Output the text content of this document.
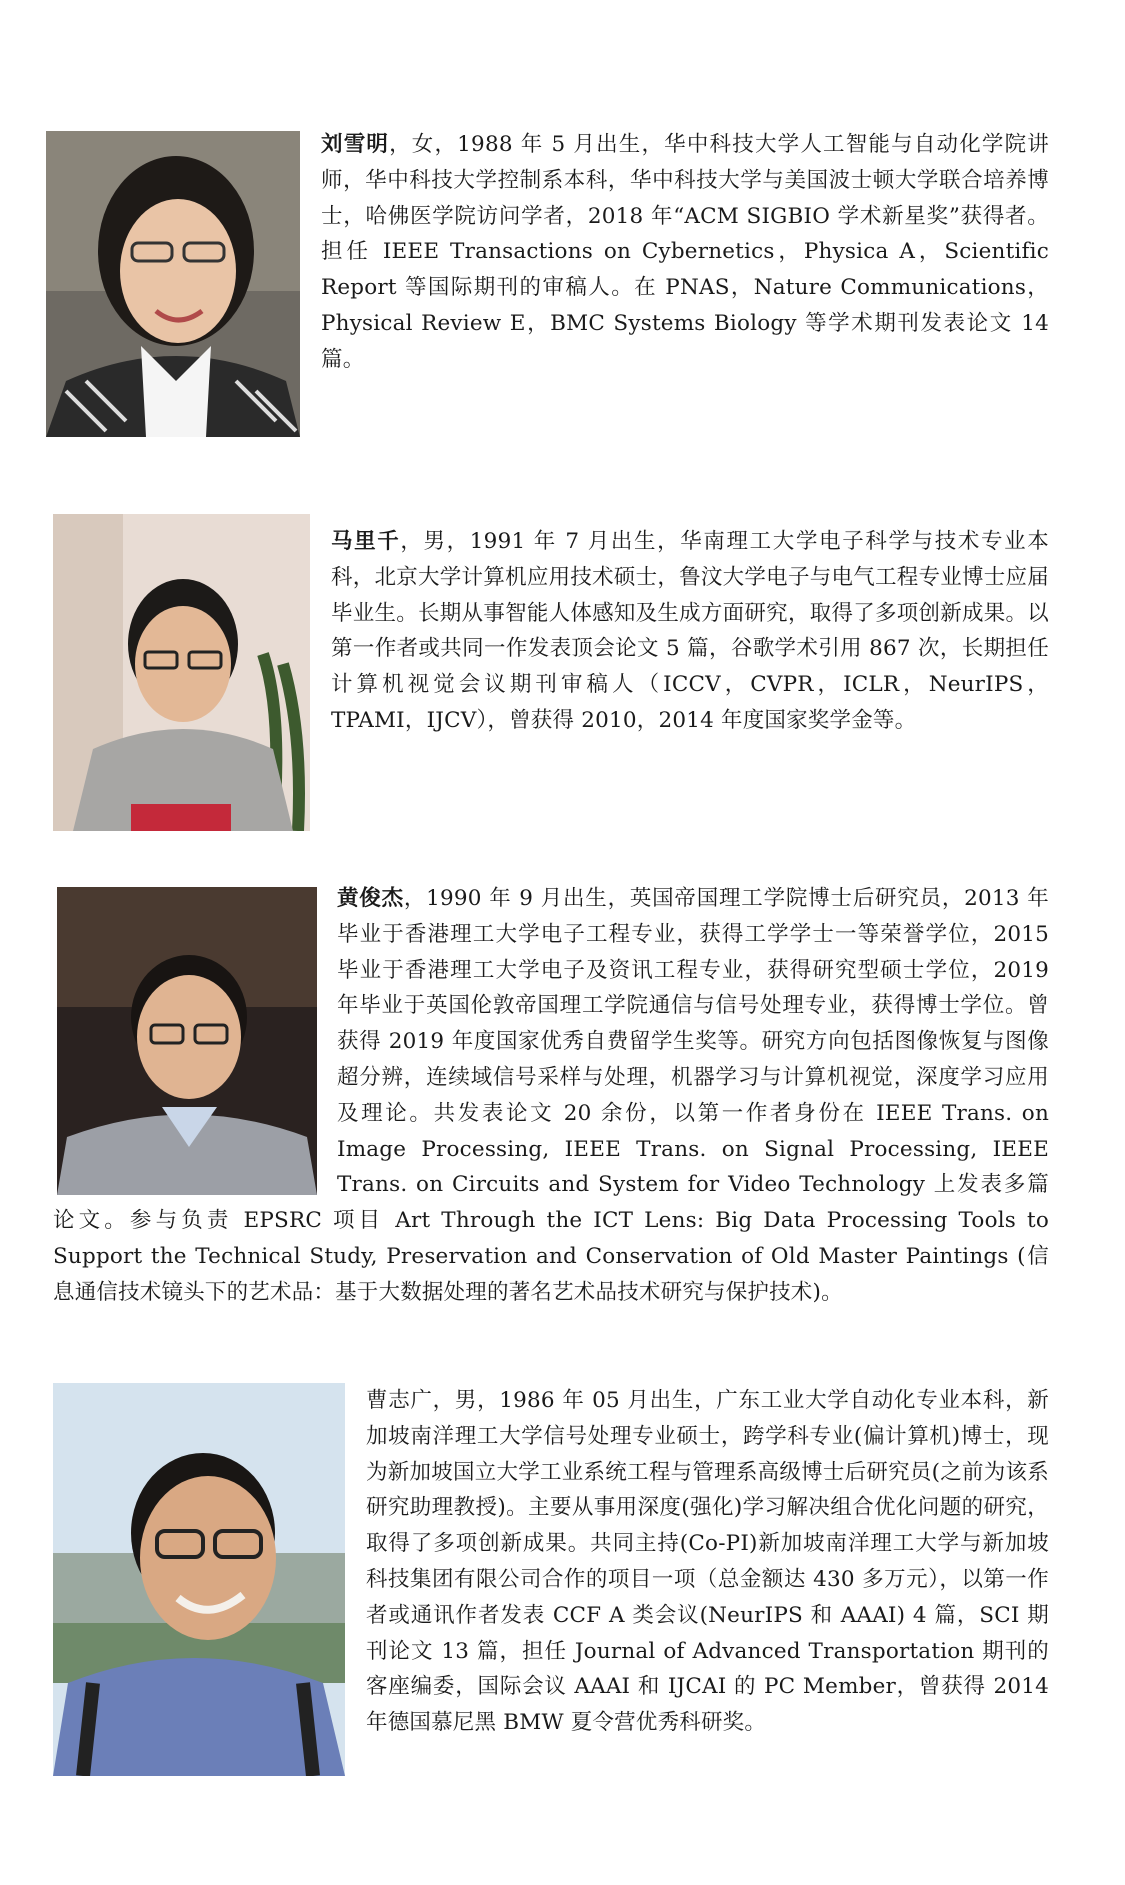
刘雪明，女，1988 年 5 月出生，华中科技大学人工智能与自动化学院讲师，华中科技大学控制系本科，华中科技大学与美国波士顿大学联合培养博士，哈佛医学院访问学者，2018 年“ACM SIGBIO 学术新星奖”获得者。担任 IEEE Transactions on Cybernetics，Physica A，Scientific Report 等国际期刊的审稿人。在 PNAS，Nature Communications，Physical Review E，BMC Systems Biology 等学术期刊发表论文 14 篇。
马里千，男，1991 年 7 月出生，华南理工大学电子科学与技术专业本科，北京大学计算机应用技术硕士，鲁汶大学电子与电气工程专业博士应届毕业生。长期从事智能人体感知及生成方面研究，取得了多项创新成果。以第一作者或共同一作发表顶会论文 5 篇，谷歌学术引用 867 次，长期担任计算机视觉会议期刊审稿人（ICCV，CVPR，ICLR，NeurIPS，TPAMI，IJCV），曾获得 2010，2014 年度国家奖学金等。
黄俊杰，1990 年 9 月出生，英国帝国理工学院博士后研究员，2013 年毕业于香港理工大学电子工程专业，获得工学学士一等荣誉学位，2015 毕业于香港理工大学电子及资讯工程专业，获得研究型硕士学位，2019 年毕业于英国伦敦帝国理工学院通信与信号处理专业，获得博士学位。曾获得 2019 年度国家优秀自费留学生奖等。研究方向包括图像恢复与图像超分辨，连续域信号采样与处理，机器学习与计算机视觉，深度学习应用及理论。共发表论文 20 余份，以第一作者身份在 IEEE Trans. on Image Processing, IEEE Trans. on Signal Processing, IEEE Trans. on Circuits and System for Video Technology 上发表多篇论文。参与负责 EPSRC 项目 Art Through the ICT Lens: Big Data Processing Tools to Support the Technical Study, Preservation and Conservation of Old Master Paintings (信息通信技术镜头下的艺术品：基于大数据处理的著名艺术品技术研究与保护技术)。
曹志广，男，1986 年 05 月出生，广东工业大学自动化专业本科，新加坡南洋理工大学信号处理专业硕士，跨学科专业(偏计算机)博士，现为新加坡国立大学工业系统工程与管理系高级博士后研究员(之前为该系研究助理教授)。主要从事用深度(强化)学习解决组合优化问题的研究，取得了多项创新成果。共同主持(Co-PI)新加坡南洋理工大学与新加坡科技集团有限公司合作的项目一项（总金额达 430 多万元），以第一作者或通讯作者发表 CCF A 类会议(NeurIPS 和 AAAI) 4 篇，SCI 期刊论文 13 篇，担任 Journal of Advanced Transportation 期刊的客座编委，国际会议 AAAI 和 IJCAI 的 PC Member，曾获得 2014 年德国慕尼黑 BMW 夏令营优秀科研奖。
